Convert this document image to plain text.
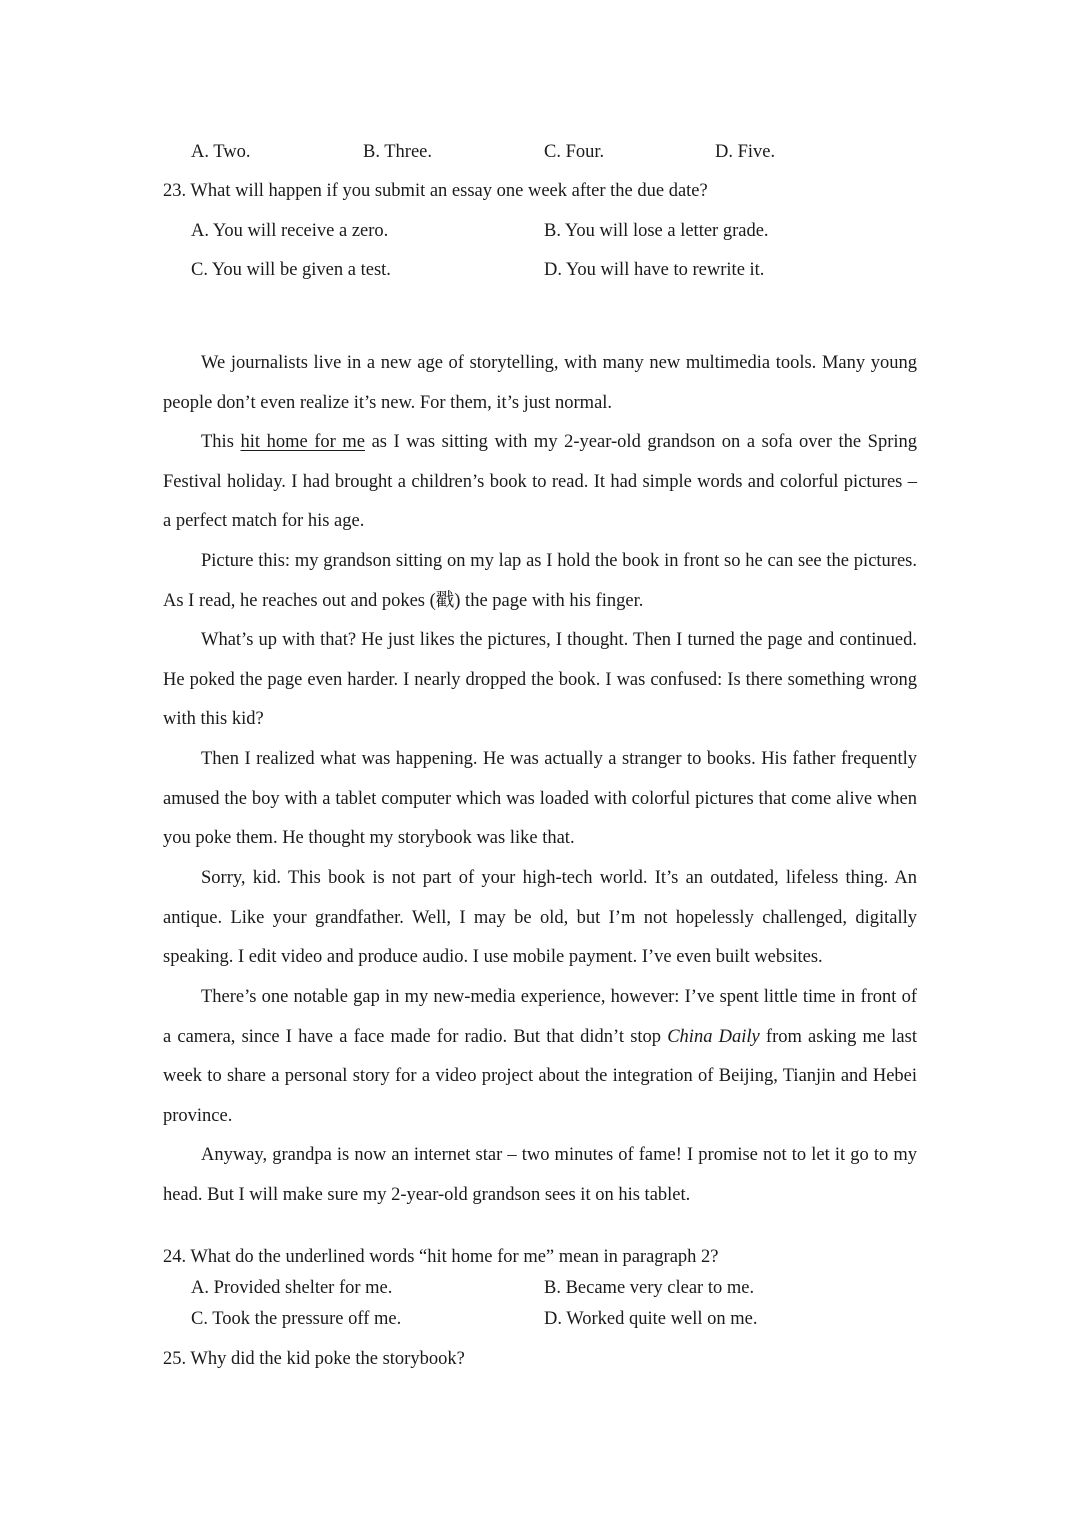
A. Two.	B. Three.	C. Four.	D. Five.
23. What will happen if you submit an essay one week after the due date?
A. You will receive a zero.	B. You will lose a letter grade.
C. You will be given a test.	D. You will have to rewrite it.

We journalists live in a new age of storytelling, with many new multimedia tools. Many young people don’t even realize it’s new. For them, it’s just normal.

This hit home for me as I was sitting with my 2-year-old grandson on a sofa over the Spring Festival holiday. I had brought a children’s book to read. It had simple words and colorful pictures – a perfect match for his age.

Picture this: my grandson sitting on my lap as I hold the book in front so he can see the pictures. As I read, he reaches out and pokes (戳) the page with his finger.

What’s up with that? He just likes the pictures, I thought. Then I turned the page and continued. He poked the page even harder. I nearly dropped the book. I was confused: Is there something wrong with this kid?

Then I realized what was happening. He was actually a stranger to books. His father frequently amused the boy with a tablet computer which was loaded with colorful pictures that come alive when you poke them. He thought my storybook was like that.

Sorry, kid. This book is not part of your high-tech world. It’s an outdated, lifeless thing. An antique. Like your grandfather. Well, I may be old, but I’m not hopelessly challenged, digitally speaking. I edit video and produce audio. I use mobile payment. I’ve even built websites.

There’s one notable gap in my new-media experience, however: I’ve spent little time in front of a camera, since I have a face made for radio. But that didn’t stop China Daily from asking me last week to share a personal story for a video project about the integration of Beijing, Tianjin and Hebei province.

Anyway, grandpa is now an internet star – two minutes of fame! I promise not to let it go to my head. But I will make sure my 2-year-old grandson sees it on his tablet.

24. What do the underlined words “hit home for me” mean in paragraph 2?
A. Provided shelter for me.	B. Became very clear to me.
C. Took the pressure off me.	D. Worked quite well on me.
25. Why did the kid poke the storybook?
